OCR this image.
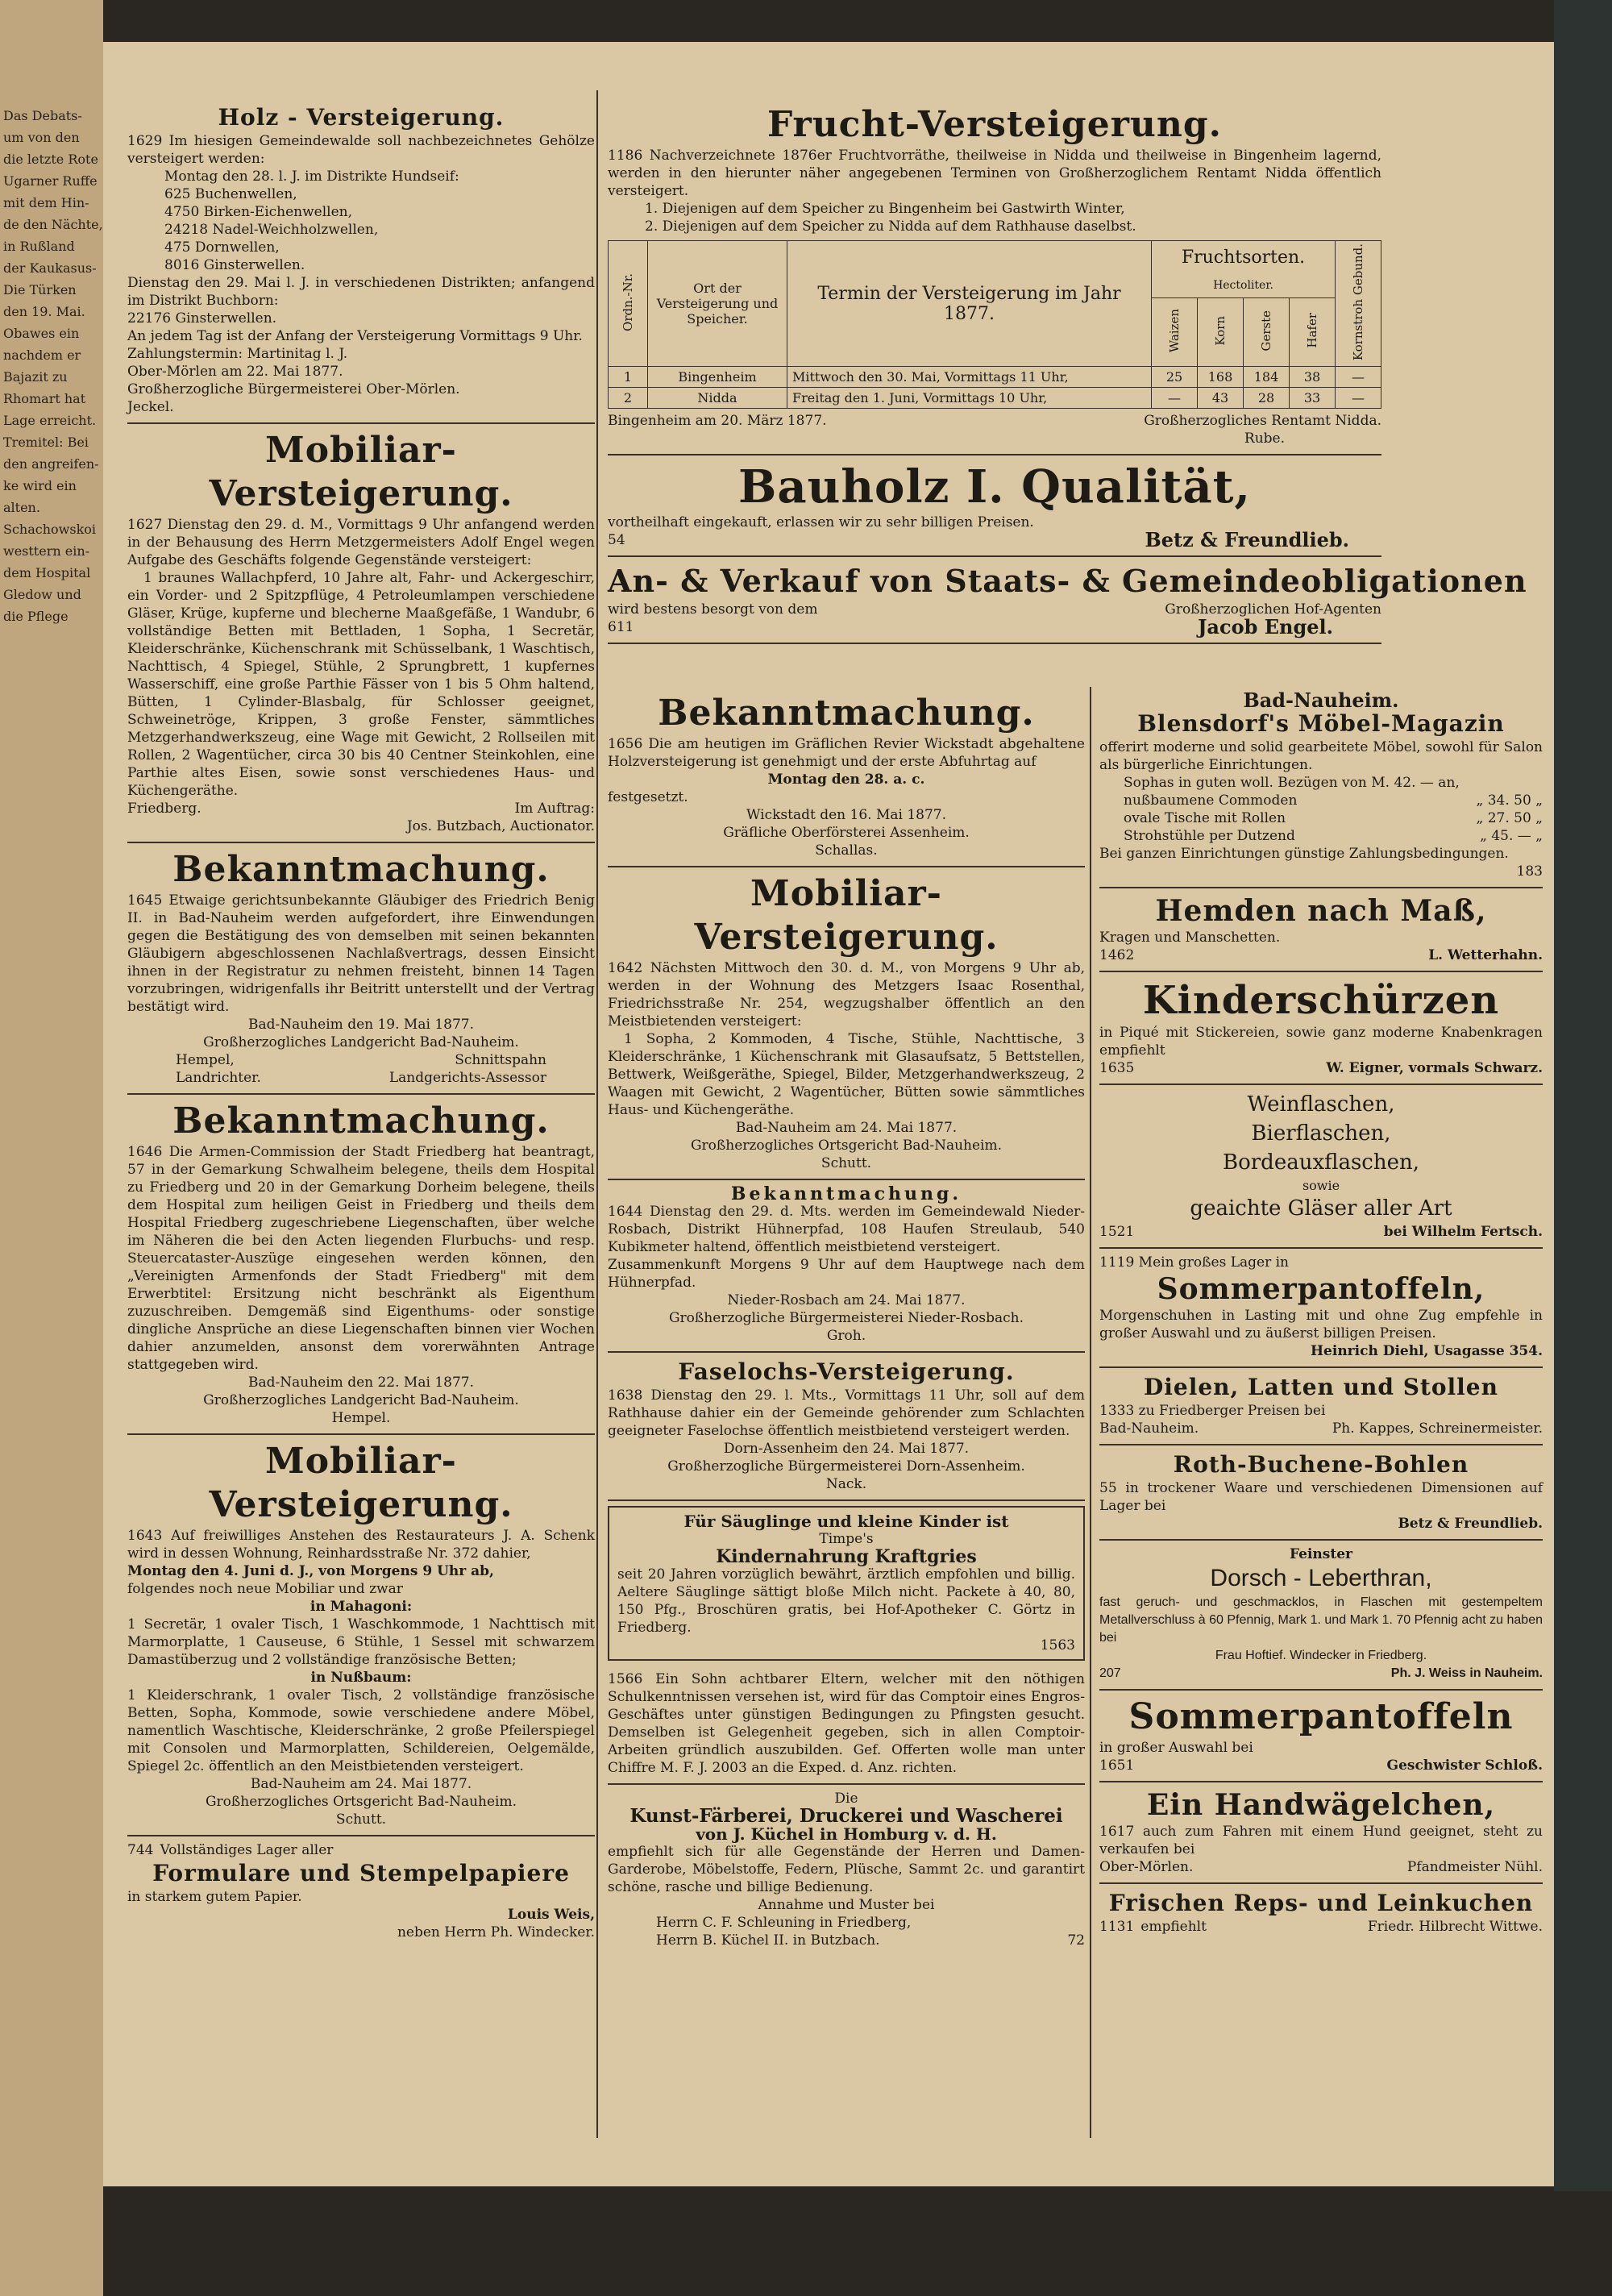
Das Debats-
um von den
die letzte Rote
Ugarner Ruffe
mit dem Hin-
de den Nächte,
in Rußland
der Kaukasus-
Die Türken
den 19. Mai.
Obawes ein
nachdem er
Bajazit zu
Rhomart hat
Lage erreicht.
Tremitel: Bei
den angreifen-
ke wird ein
alten.
Schachowskoi
westtern ein-
dem Hospital
Gledow und
die Pflege
Holz - Versteigerung.
1629 Im hiesigen Gemeindewalde soll nachbezeichnetes Gehölze versteigert werden:
Montag den 28. l. J. im Distrikte Hundseif:
625 Buchenwellen,
4750 Birken-Eichenwellen,
24218 Nadel-Weichholzwellen,
475 Dornwellen,
8016 Ginsterwellen.
Dienstag den 29. Mai l. J. in verschiedenen Distrikten; anfangend im Distrikt Buchborn:
22176 Ginsterwellen.
An jedem Tag ist der Anfang der Versteigerung Vormittags 9 Uhr.
Zahlungstermin: Martinitag l. J.
Ober-Mörlen am 22. Mai 1877.
Großherzogliche Bürgermeisterei Ober-Mörlen.
Jeckel.
Mobiliar-Versteigerung.
1627 Dienstag den 29. d. M., Vormittags 9 Uhr anfangend werden in der Behausung des Herrn Metzgermeisters Adolf Engel wegen Aufgabe des Geschäfts folgende Gegenstände versteigert:
1 braunes Wallachpferd, 10 Jahre alt, Fahr- und Ackergeschirr, ein Vorder- und 2 Spitzpflüge, 4 Petroleumlampen verschiedene Gläser, Krüge, kupferne und blecherne Maaßgefäße, 1 Wandubr, 6 vollständige Betten mit Bettladen, 1 Sopha, 1 Secretär, Kleiderschränke, Küchenschrank mit Schüsselbank, 1 Waschtisch, Nachttisch, 4 Spiegel, Stühle, 2 Sprungbrett, 1 kupfernes Wasserschiff, eine große Parthie Fässer von 1 bis 5 Ohm haltend, Bütten, 1 Cylinder-Blasbalg, für Schlosser geeignet, Schweinetröge, Krippen, 3 große Fenster, sämmtliches Metzgerhandwerkszeug, eine Wage mit Gewicht, 2 Rollseilen mit Rollen, 2 Wagentücher, circa 30 bis 40 Centner Steinkohlen, eine Parthie altes Eisen, sowie sonst verschiedenes Haus- und Küchengeräthe.
Friedberg.	Im Auftrag:
Jos. Butzbach, Auctionator.
Bekanntmachung.
1645 Etwaige gerichtsunbekannte Gläubiger des Friedrich Benig II. in Bad-Nauheim werden aufgefordert, ihre Einwendungen gegen die Bestätigung des von demselben mit seinen bekannten Gläubigern abgeschlossenen Nachlaßvertrags, dessen Einsicht ihnen in der Registratur zu nehmen freisteht, binnen 14 Tagen vorzubringen, widrigenfalls ihr Beitritt unterstellt und der Vertrag bestätigt wird.
Bad-Nauheim den 19. Mai 1877.
Großherzogliches Landgericht Bad-Nauheim.
Hempel,	Schnittspahn
Landrichter.	Landgerichts-Assessor
Bekanntmachung.
1646 Die Armen-Commission der Stadt Friedberg hat beantragt, 57 in der Gemarkung Schwalheim belegene, theils dem Hospital zu Friedberg und 20 in der Gemarkung Dorheim belegene, theils dem Hospital zum heiligen Geist in Friedberg und theils dem Hospital Friedberg zugeschriebene Liegenschaften, über welche im Näheren die bei den Acten liegenden Flurbuchs- und resp. Steuercataster-Auszüge eingesehen werden können, den „Vereinigten Armenfonds der Stadt Friedberg" mit dem Erwerbtitel: Ersitzung nicht beschränkt als Eigenthum zuzuschreiben. Demgemäß sind Eigenthums- oder sonstige dingliche Ansprüche an diese Liegenschaften binnen vier Wochen dahier anzumelden, ansonst dem vorerwähnten Antrage stattgegeben wird.
Bad-Nauheim den 22. Mai 1877.
Großherzogliches Landgericht Bad-Nauheim.
Hempel.
Mobiliar-Versteigerung.
1643 Auf freiwilliges Anstehen des Restaurateurs J. A. Schenk wird in dessen Wohnung, Reinhardsstraße Nr. 372 dahier,
Montag den 4. Juni d. J., von Morgens 9 Uhr ab,
folgendes noch neue Mobiliar und zwar
in Mahagoni:
1 Secretär, 1 ovaler Tisch, 1 Waschkommode, 1 Nachttisch mit Marmorplatte, 1 Causeuse, 6 Stühle, 1 Sessel mit schwarzem Damastüberzug und 2 vollständige französische Betten;
in Nußbaum:
1 Kleiderschrank, 1 ovaler Tisch, 2 vollständige französische Betten, Sopha, Kommode, sowie verschiedene andere Möbel, namentlich Waschtische, Kleiderschränke, 2 große Pfeilerspiegel mit Consolen und Marmorplatten, Schildereien, Oelgemälde, Spiegel 2c. öffentlich an den Meistbietenden versteigert.
Bad-Nauheim am 24. Mai 1877.
Großherzogliches Ortsgericht Bad-Nauheim.
Schutt.
744 Vollständiges Lager aller
Formulare und Stempelpapiere
in starkem gutem Papier.
Louis Weis,
neben Herrn Ph. Windecker.
Frucht-Versteigerung.
1186 Nachverzeichnete 1876er Fruchtvorräthe, theilweise in Nidda und theilweise in Bingenheim lagernd, werden in den hierunter näher angegebenen Terminen von Großherzoglichem Rentamt Nidda öffentlich versteigert.
1. Diejenigen auf dem Speicher zu Bingenheim bei Gastwirth Winter,
2. Diejenigen auf dem Speicher zu Nidda auf dem Rathhause daselbst.
Ordn.-Nr.	Ort der Versteigerung und Speicher.	Termin der Versteigerung im Jahr 1877.	Fruchtsorten.				Kornstroh Gebund.
			Hectoliter.				
			Waizen	Korn	Gerste	Hafer	
1	Bingenheim	Mittwoch den 30. Mai, Vormittags 11 Uhr,	25	168	184	38	—
2	Nidda	Freitag den 1. Juni, Vormittags 10 Uhr,	—	43	28	33	—
Bingenheim am 20. März 1877.	Großherzogliches Rentamt Nidda.
Rube.
Bauholz I. Qualität,
vortheilhaft eingekauft, erlassen wir zu sehr billigen Preisen.
54	Betz & Freundlieb.
An- & Verkauf von Staats- & Gemeindeobligationen
wird bestens besorgt von dem	Großherzoglichen Hof-Agenten
611	Jacob Engel.
Bekanntmachung.
1656 Die am heutigen im Gräflichen Revier Wickstadt abgehaltene Holzversteigerung ist genehmigt und der erste Abfuhrtag auf
Montag den 28. a. c.
festgesetzt.
Wickstadt den 16. Mai 1877.
Gräfliche Oberförsterei Assenheim.
Schallas.
Mobiliar-Versteigerung.
1642 Nächsten Mittwoch den 30. d. M., von Morgens 9 Uhr ab, werden in der Wohnung des Metzgers Isaac Rosenthal, Friedrichsstraße Nr. 254, wegzugshalber öffentlich an den Meistbietenden versteigert:
1 Sopha, 2 Kommoden, 4 Tische, Stühle, Nachttische, 3 Kleiderschränke, 1 Küchenschrank mit Glasaufsatz, 5 Bettstellen, Bettwerk, Weißgeräthe, Spiegel, Bilder, Metzgerhandwerkszeug, 2 Waagen mit Gewicht, 2 Wagentücher, Bütten sowie sämmtliches Haus- und Küchengeräthe.
Bad-Nauheim am 24. Mai 1877.
Großherzogliches Ortsgericht Bad-Nauheim.
Schutt.
Bekanntmachung.
1644 Dienstag den 29. d. Mts. werden im Gemeindewald Nieder-Rosbach, Distrikt Hühnerpfad, 108 Haufen Streulaub, 540 Kubikmeter haltend, öffentlich meistbietend versteigert.
Zusammenkunft Morgens 9 Uhr auf dem Hauptwege nach dem Hühnerpfad.
Nieder-Rosbach am 24. Mai 1877.
Großherzogliche Bürgermeisterei Nieder-Rosbach.
Groh.
Faselochs-Versteigerung.
1638 Dienstag den 29. l. Mts., Vormittags 11 Uhr, soll auf dem Rathhause dahier ein der Gemeinde gehörender zum Schlachten geeigneter Faselochse öffentlich meistbietend versteigert werden.
Dorn-Assenheim den 24. Mai 1877.
Großherzogliche Bürgermeisterei Dorn-Assenheim.
Nack.
Für Säuglinge und kleine Kinder ist
Timpe's
Kindernahrung Kraftgries
seit 20 Jahren vorzüglich bewährt, ärztlich empfohlen und billig. Aeltere Säuglinge sättigt bloße Milch nicht. Packete à 40, 80, 150 Pfg., Broschüren gratis, bei Hof-Apotheker C. Görtz in Friedberg.
1563
1566 Ein Sohn achtbarer Eltern, welcher mit den nöthigen Schulkenntnissen versehen ist, wird für das Comptoir eines Engros-Geschäftes unter günstigen Bedingungen zu Pfingsten gesucht. Demselben ist Gelegenheit gegeben, sich in allen Comptoir-Arbeiten gründlich auszubilden. Gef. Offerten wolle man unter Chiffre M. F. J. 2003 an die Exped. d. Anz. richten.
Die
Kunst-Färberei, Druckerei und Wascherei
von J. Küchel in Homburg v. d. H.
empfiehlt sich für alle Gegenstände der Herren und Damen-Garderobe, Möbelstoffe, Federn, Plüsche, Sammt 2c. und garantirt schöne, rasche und billige Bedienung.
Annahme und Muster bei
Herrn C. F. Schleuning in Friedberg,
Herrn B. Küchel II. in Butzbach.	72
Bad-Nauheim.
Blensdorf's Möbel-Magazin
offerirt moderne und solid gearbeitete Möbel, sowohl für Salon als bürgerliche Einrichtungen.
Sophas in guten woll. Bezügen von M. 42. — an,
nußbaumene Commoden	„ 34. 50 „
ovale Tische mit Rollen	„ 27. 50 „
Strohstühle per Dutzend	„ 45. — „
Bei ganzen Einrichtungen günstige Zahlungsbedingungen.
183
Hemden nach Maß,
Kragen und Manschetten.
1462	L. Wetterhahn.
Kinderschürzen
in Piqué mit Stickereien, sowie ganz moderne Knabenkragen empfiehlt
1635	W. Eigner, vormals Schwarz.
Weinflaschen,
Bierflaschen,
Bordeauxflaschen,
sowie
geaichte Gläser aller Art
1521	bei Wilhelm Fertsch.
1119 Mein großes Lager in
Sommerpantoffeln,
Morgenschuhen in Lasting mit und ohne Zug empfehle in großer Auswahl und zu äußerst billigen Preisen.
Heinrich Diehl, Usagasse 354.
Dielen, Latten und Stollen
1333 zu Friedberger Preisen bei
Bad-Nauheim.	Ph. Kappes, Schreinermeister.
Roth-Buchene-Bohlen
55 in trockener Waare und verschiedenen Dimensionen auf Lager bei
Betz & Freundlieb.
Feinster
Dorsch - Leberthran,
fast geruch- und geschmacklos, in Flaschen mit gestempeltem Metallverschluss à 60 Pfennig, Mark 1. und Mark 1. 70 Pfennig acht zu haben bei
Frau Hoftief. Windecker in Friedberg.
207	Ph. J. Weiss in Nauheim.
Sommerpantoffeln
in großer Auswahl bei
1651	Geschwister Schloß.
Ein Handwägelchen,
1617 auch zum Fahren mit einem Hund geeignet, steht zu verkaufen bei
Ober-Mörlen.	Pfandmeister Nühl.
Frischen Reps- und Leinkuchen
1131 empfiehlt	Friedr. Hilbrecht Wittwe.
